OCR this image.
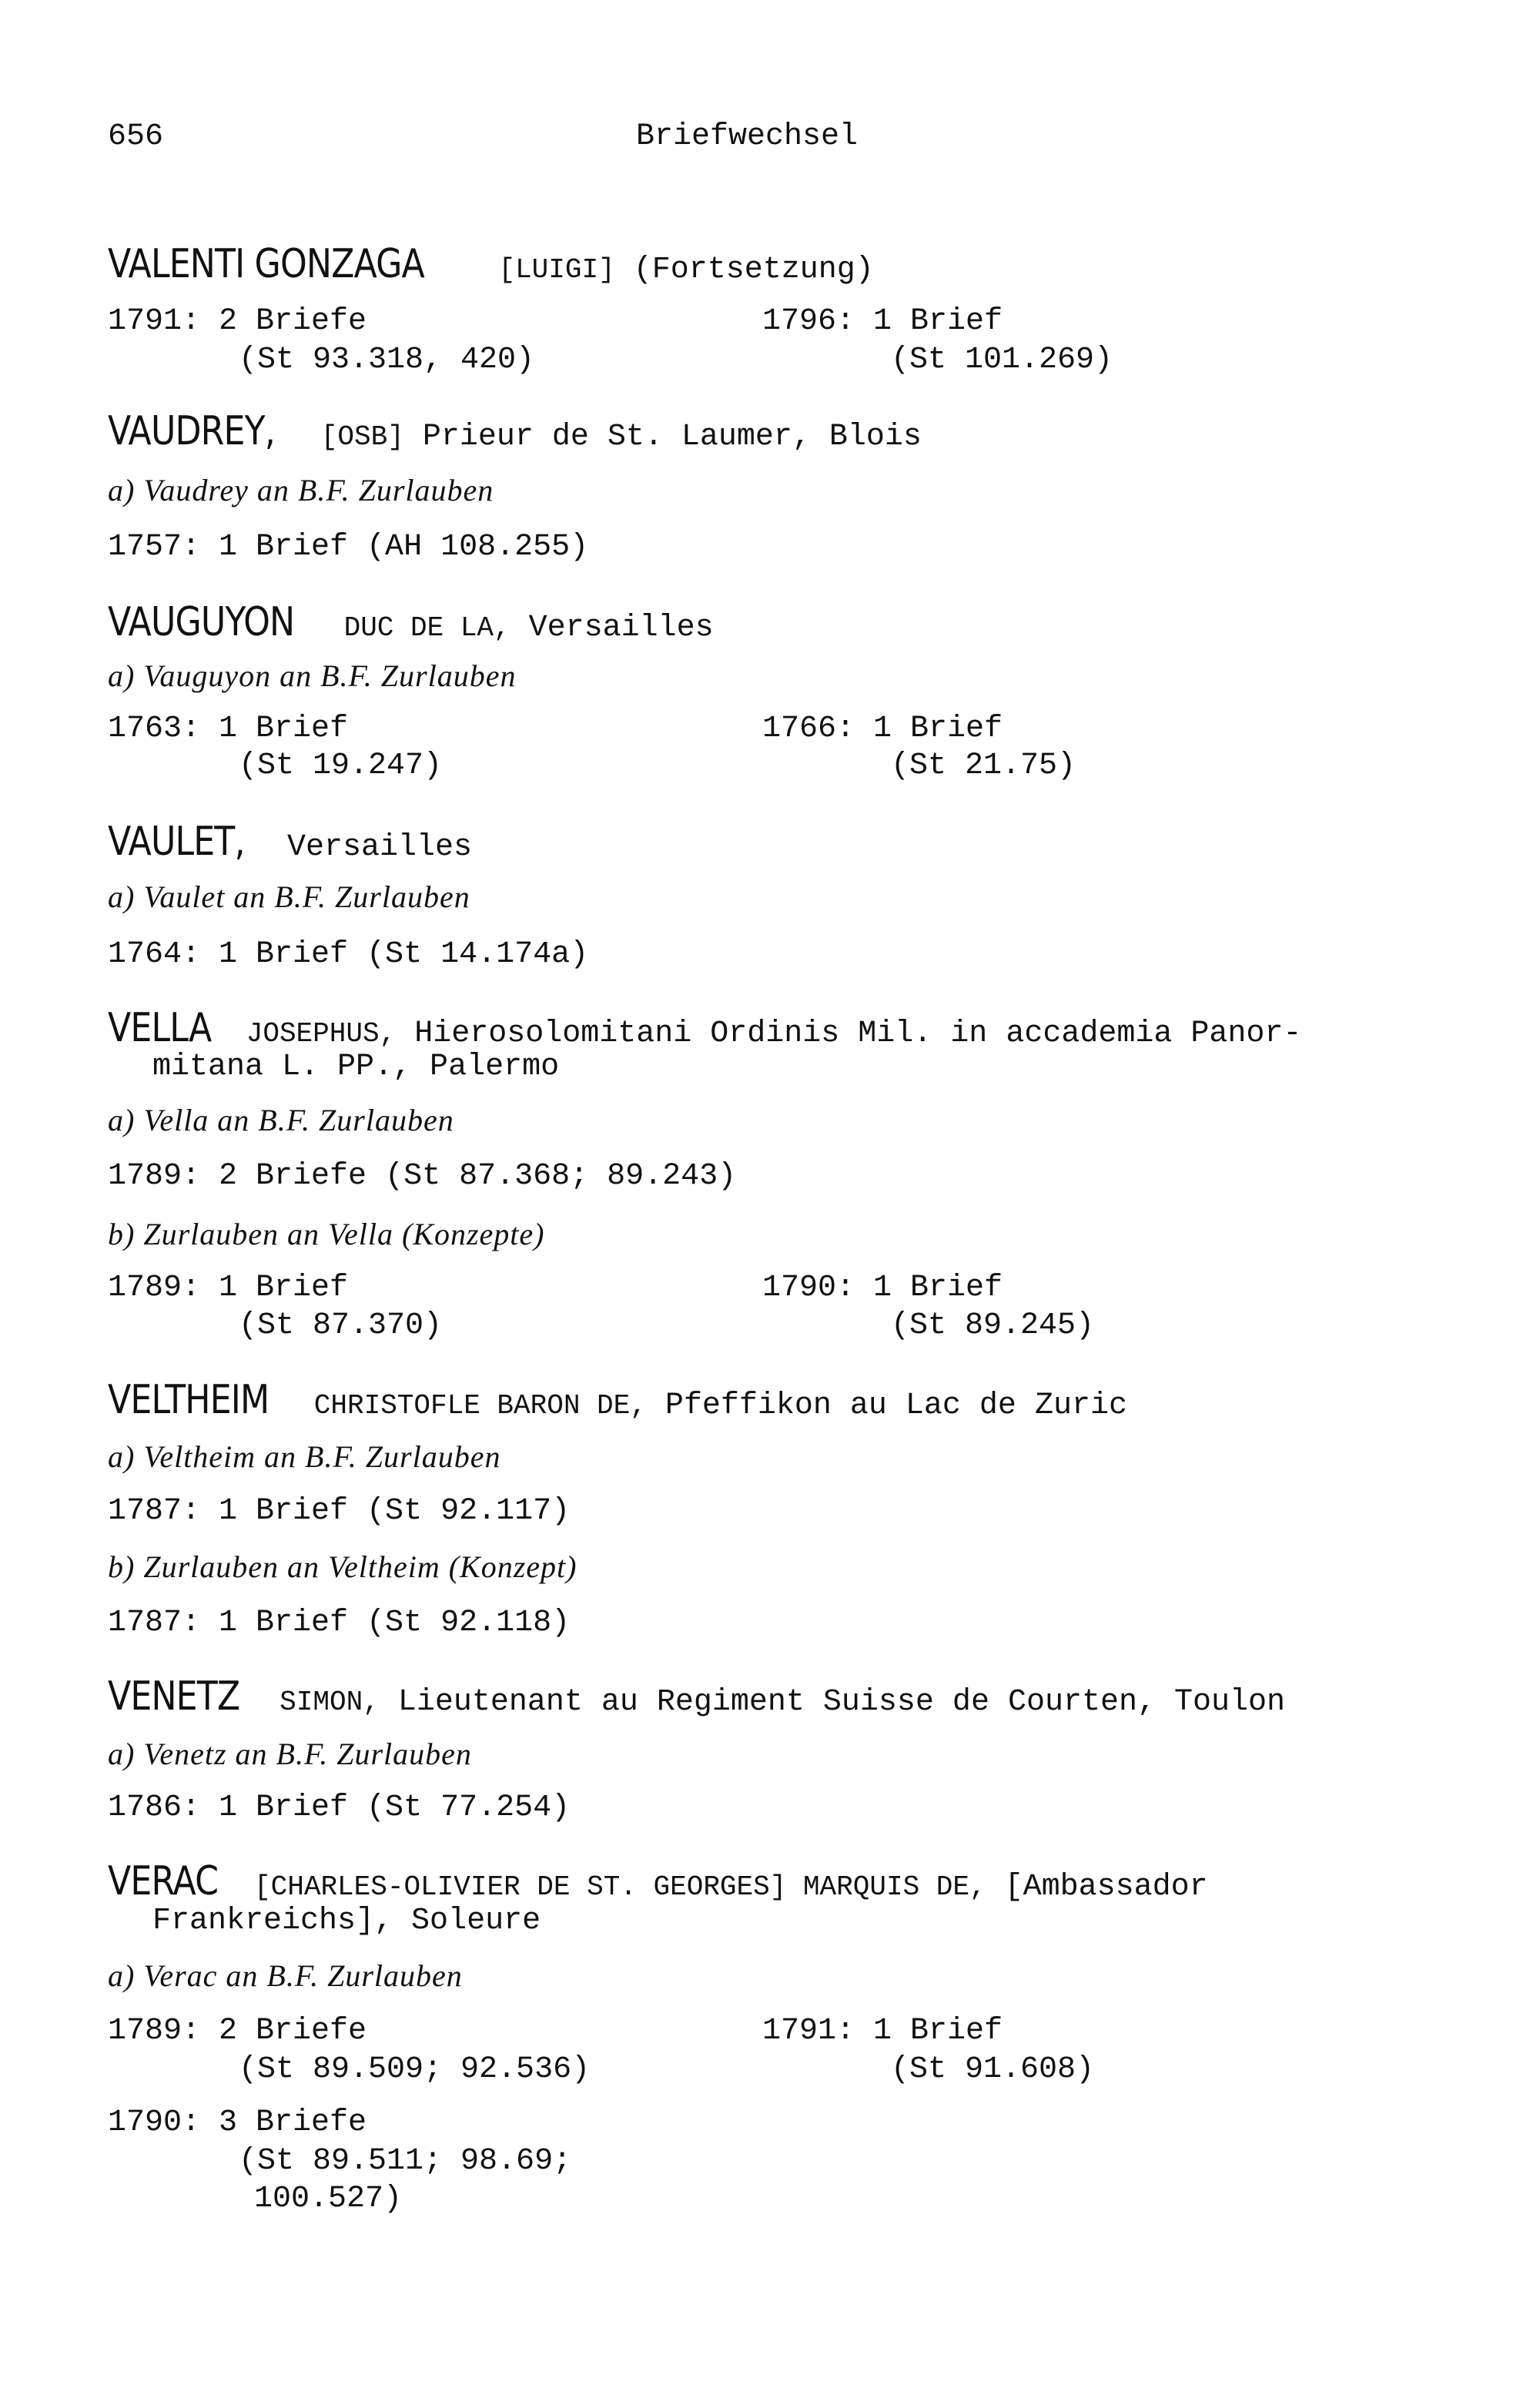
656	Briefwechsel
VALENTI GONZAGA	[LUIGI] (Fortsetzung)
1791: 2 Briefe
(St 93.318, 420)
1796: 1 Brief
(St 101.269)
VAUDREY, [OSB] Prieur de St. Laumer, Blois
a) Vaudrey an B.F. Zurlauben
1757: 1 Brief (AH 108.255)
VAUGUYON DUC DE LA, Versailles
a) Vauguyon an B.F. Zurlauben
1763: 1 Brief
(St 19.247)
1766: 1 Brief
(St 21.75)
VAULET, Versailles
a) Vaulet an B.F. Zurlauben
1764: 1 Brief (St 14.174a)
VELLA JOSEPHUS, Hierosolomitani Ordinis Mil. in accademia Panor-
mitana L. PP., Palermo
a) Vella an B.F. Zurlauben
1789: 2 Briefe (St 87.368; 89.243)
b) Zurlauben an Vella (Konzepte)
1789: 1 Brief
(St 87.370)
1790: 1 Brief
(St 89.245)
VELTHEIM CHRISTOFLE BARON DE, Pfeffikon au Lac de Zuric
a) Veltheim an B.F. Zurlauben
1787: 1 Brief (St 92.117)
b) Zurlauben an Veltheim (Konzept)
1787: 1 Brief (St 92.118)
VENETZ SIMON, Lieutenant au Regiment Suisse de Courten, Toulon
a) Venetz an B.F. Zurlauben
1786: 1 Brief (St 77.254)
VERAC [CHARLES-OLIVIER DE ST. GEORGES] MARQUIS DE, [Ambassador
Frankreichs], Soleure
a) Verac an B.F. Zurlauben
1789: 2 Briefe
(St 89.509; 92.536)
1791: 1 Brief
(St 91.608)
1790: 3 Briefe
(St 89.511; 98.69;
100.527)
